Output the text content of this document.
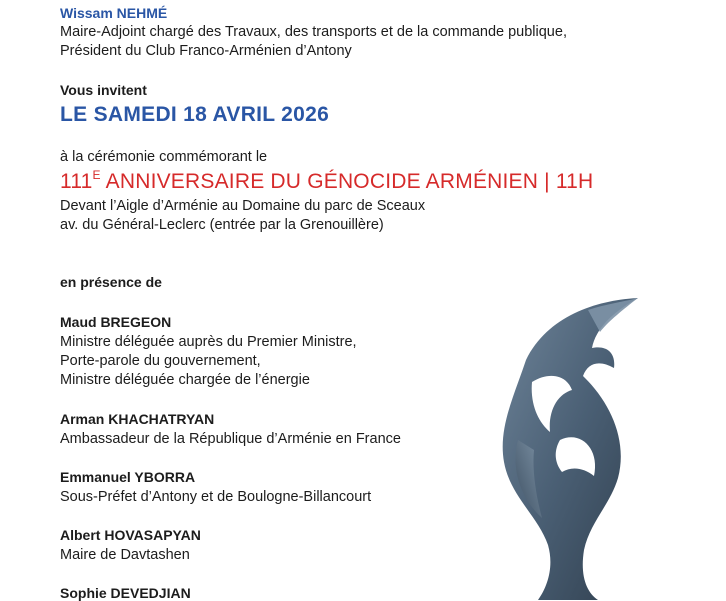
Wissam NEHMÉ
Maire-Adjoint chargé des Travaux, des transports et de la commande publique,
Président du Club Franco-Arménien d’Antony
Vous invitent
LE SAMEDI 18 AVRIL 2026
à la cérémonie commémorant le
$111^E$ ANNIVERSAIRE DU GÉNOCIDE ARMÉNIEN | 11H
Devant l’Aigle d’Arménie au Domaine du parc de Sceaux
av. du Général-Leclerc (entrée par la Grenouillère)
en présence de
Maud BREGEON
Ministre déléguée auprès du Premier Ministre,
Porte-parole du gouvernement,
Ministre déléguée chargée de l’énergie
Arman KHACHATRYAN
Ambassadeur de la République d’Arménie en France
Emmanuel YBORRA
Sous-Préfet d’Antony et de Boulogne-Billancourt
Albert HOVASAPYAN
Maire de Davtashen
Sophie DEVEDJIAN
